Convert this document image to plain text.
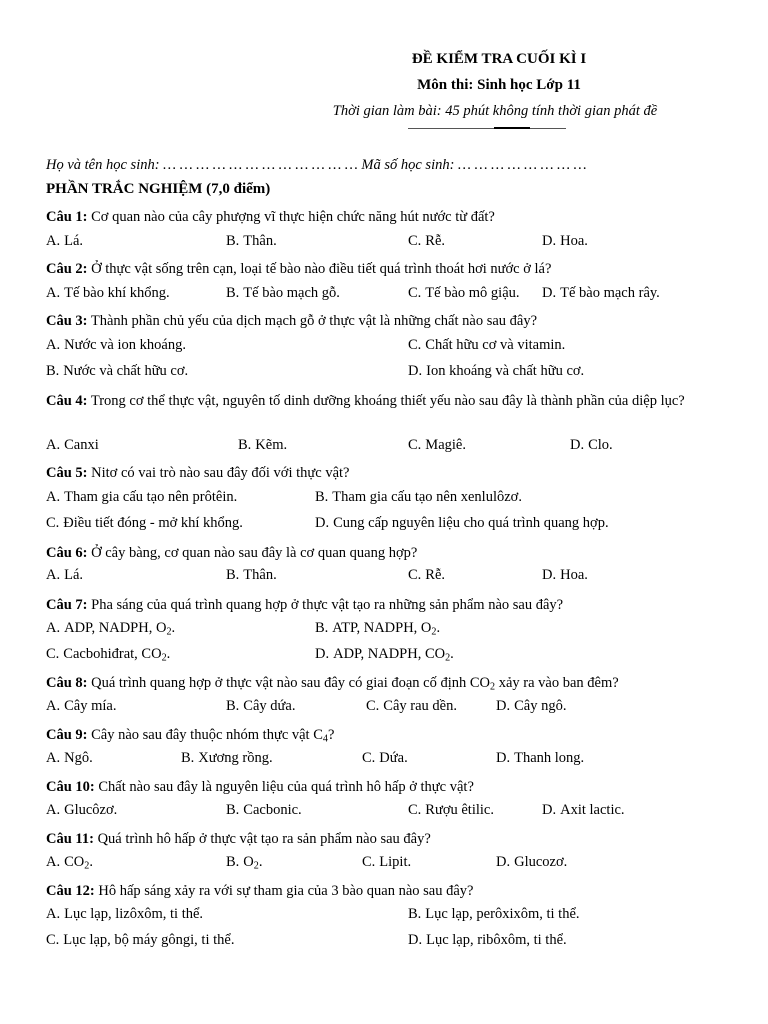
ĐỀ KIỂM TRA CUỐI KÌ I
Môn thi: Sinh học Lớp 11
Thời gian làm bài: 45 phút không tính thời gian phát đề
Họ và tên học sinh: … … … … … … … … … … … … Mã số học sinh: … … … … … … … …
PHẦN TRẮC NGHIỆM (7,0 điểm)
Câu 1: Cơ quan nào của cây phượng vĩ thực hiện chức năng hút nước từ đất?
A. Lá.	B. Thân.	C. Rễ.	D. Hoa.
Câu 2: Ở thực vật sống trên cạn, loại tế bào nào điều tiết quá trình thoát hơi nước ở lá?
A. Tế bào khí khổng.	B. Tế bào mạch gỗ.	C. Tế bào mô giậu. D. Tế bào mạch rây.
Câu 3: Thành phần chủ yếu của dịch mạch gỗ ở thực vật là những chất nào sau đây?
A. Nước và ion khoáng.	C. Chất hữu cơ và vitamin.
B. Nước và chất hữu cơ.	D. Ion khoáng và chất hữu cơ.
Câu 4: Trong cơ thể thực vật, nguyên tố dinh dưỡng khoáng thiết yếu nào sau đây là thành phần của diệp lục?
A. Canxi	B. Kẽm.	C. Magiê.	D. Clo.
Câu 5: Nitơ có vai trò nào sau đây đối với thực vật?
A. Tham gia cấu tạo nên prôtêin.	B. Tham gia cấu tạo nên xenlulôzơ.
C. Điều tiết đóng - mở khí khổng.	D. Cung cấp nguyên liệu cho quá trình quang hợp.
Câu 6: Ở cây bàng, cơ quan nào sau đây là cơ quan quang hợp?
A. Lá.	B. Thân.	C. Rễ.	D. Hoa.
Câu 7: Pha sáng của quá trình quang hợp ở thực vật tạo ra những sản phẩm nào sau đây?
A. ADP, NADPH, $O_2$.	B. ATP, NADPH, $O_2$.
C. Cacbohiđrat, $CO_2$.	D. ADP, NADPH, $CO_2$.
Câu 8: Quá trình quang hợp ở thực vật nào sau đây có giai đoạn cố định $CO_2$ xảy ra vào ban đêm?
A. Cây mía.	B. Cây dứa.	C. Cây rau dền.	D. Cây ngô.
Câu 9: Cây nào sau đây thuộc nhóm thực vật $C_4$?
A. Ngô.	B. Xương rồng.	C. Dứa.	D. Thanh long.
Câu 10: Chất nào sau đây là nguyên liệu của quá trình hô hấp ở thực vật?
A. Glucôzơ.	B. Cacbonic.	C. Rượu êtilic.	D. Axit lactic.
Câu 11: Quá trình hô hấp ở thực vật tạo ra sản phẩm nào sau đây?
A. $CO_2$.	B. $O_2$.	C. Lipit.	D. Glucozơ.
Câu 12: Hô hấp sáng xảy ra với sự tham gia của 3 bào quan nào sau đây?
A. Lục lạp, lizôxôm, ti thể.	B. Lục lạp, perôxixôm, ti thể.
C. Lục lạp, bộ máy gôngi, ti thể.	D. Lục lạp, ribôxôm, ti thể.
